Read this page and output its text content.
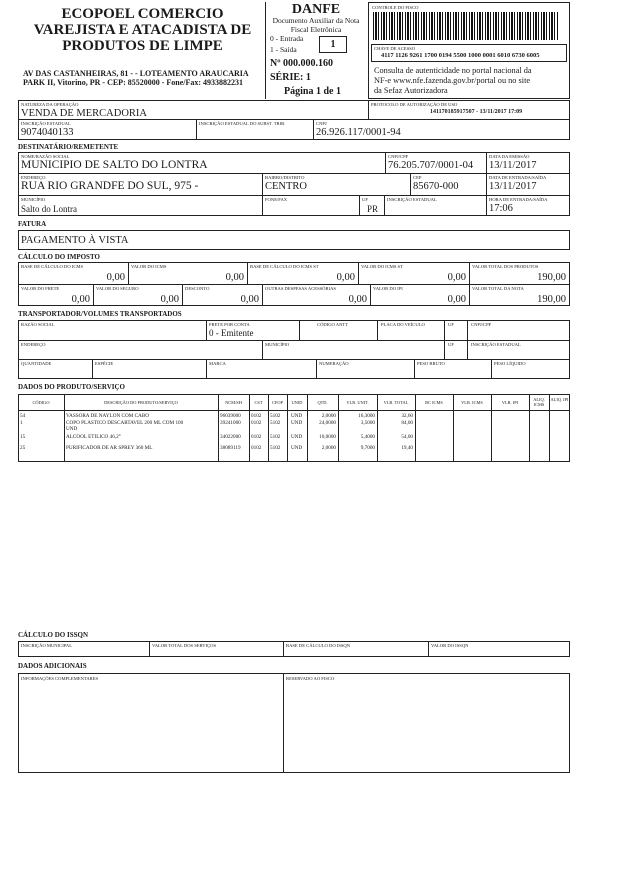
ECOPOEL COMERCIO
VAREJISTA E ATACADISTA DE
PRODUTOS DE LIMPE
AV DAS CASTANHEIRAS, 81 - - LOTEAMENTO ARAUCARIA
PARK II, Vitorino, PR - CEP: 85520000 - Fone/Fax: 4933882231
DANFE
Documento Auxiliar da Nota
Fiscal Eletrônica
0 - Entrada
1 - Saída	1
Nº 000.000.160
SÉRIE: 1
Página 1 de 1
CONTROLE DO FISCO
CHAVE DE ACESSO
4117 1126 9261 1700 0194 5500 1000 0001 6010 6730 6005
Consulta de autenticidade no portal nacional da
NF-e www.nfe.fazenda.gov.br/portal ou no site
da Sefaz Autorizadora
NATUREZA DA OPERAÇÃO
VENDA DE MERCADORIA
PROTOCOLO DE AUTORIZAÇÃO DE USO
141170185917507 - 13/11/2017 17:09
INSCRIÇÃO ESTADUAL
9074040133
INSCRIÇÃO ESTADUAL DO SUBST. TRIB.	CNPJ
26.926.117/0001-94
DESTINATÁRIO/REMETENTE
NOME/RAZÃO SOCIAL
MUNICIPIO DE SALTO DO LONTRA
CNPJ/CPF
76.205.707/0001-04
DATA DA EMISSÃO
13/11/2017
ENDEREÇO
RUA RIO GRANDFE DO SUL, 975 -
BAIRRO/DISTRITO
CENTRO
CEP
85670-000
DATA DE ENTRADA/SAÍDA
13/11/2017
MUNICÍPIO
Salto do Lontra
FONE/FAX	UF
PR
INSCRIÇÃO ESTADUAL	HORA DE ENTRADA/SAÍDA
17:06
FATURA
PAGAMENTO À VISTA
CÁLCULO DO IMPOSTO
BASE DE CÁLCULO DO ICMS
0,00
VALOR DO ICMS
0,00
BASE DE CÁLCULO DO ICMS ST
0,00
VALOR DO ICMS ST
0,00
VALOR TOTAL DOS PRODUTOS
190,00
VALOR DO FRETE
0,00
VALOR DO SEGURO
0,00
DESCONTO
0,00
OUTRAS DESPESAS ACESSÓRIAS
0,00
VALOR DO IPI
0,00
VALOR TOTAL DA NOTA
190,00
TRANSPORTADOR/VOLUMES TRANSPORTADOS
RAZÃO SOCIAL	FRETE POR CONTA
0 - Emitente
CÓDIGO ANTT	PLACA DO VEÍCULO	UF	CNPJ/CPF
ENDEREÇO	MUNICÍPIO	UF	INSCRIÇÃO ESTADUAL
QUANTIDADE	ESPÉCIE	MARCA	NUMERAÇÃO	PESO BRUTO	PESO LÍQUIDO
DADOS DO PRODUTO/SERVIÇO
CÓDIGO	DESCRIÇÃO DO PRODUTO/SERVIÇO	NCM/SH	CST	CFOP	UNID	QTD.	VLR. UNIT.	VLR. TOTAL	BC ICMS	VLR. ICMS	VLR. IPI
ALIQ. ICMS
ALIQ. IPI
54	VASSORA DE NAYLON COM CABO	96039000 0102 5102 UND	2,0000	16,3000	32,60
1	COPO PLASTICO DESCARTAVEL 200 ML COM 100
UND
39241000 0102 5102 UND	24,0000	3,5000	84,00
15	ALCOOL ETILICO 46,2°	34022000 0102 5102 UND	10,0000	5,4000	54,00
25	PURIFICADOR DE AR SPREY 360 ML	38089119 0102 5102 UND	2,0000	9,7000	19,40
CÁLCULO DO ISSQN
INSCRIÇÃO MUNICIPAL	VALOR TOTAL DOS SERVIÇOS	BASE DE CÁLCULO DO ISSQN	VALOR DO ISSQN
DADOS ADICIONAIS
INFORMAÇÕES COMPLEMENTARES	RESERVADO AO FISCO
